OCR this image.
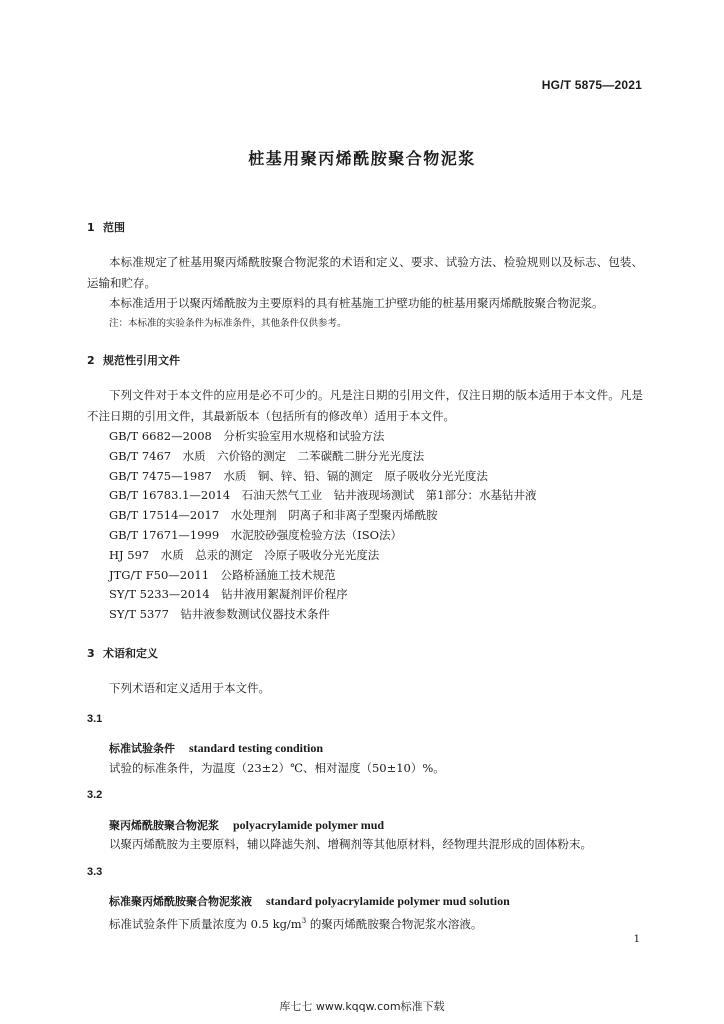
HG/T 5875—2021
桩基用聚丙烯酰胺聚合物泥浆
1 范围
本标准规定了桩基用聚丙烯酰胺聚合物泥浆的术语和定义、要求、试验方法、检验规则以及标志、包装、运输和贮存。
本标准适用于以聚丙烯酰胺为主要原料的具有桩基施工护壁功能的桩基用聚丙烯酰胺聚合物泥浆。
注：本标准的实验条件为标准条件，其他条件仅供参考。
2 规范性引用文件
下列文件对于本文件的应用是必不可少的。凡是注日期的引用文件，仅注日期的版本适用于本文件。凡是不注日期的引用文件，其最新版本（包括所有的修改单）适用于本文件。
GB/T 6682—2008　分析实验室用水规格和试验方法
GB/T 7467　水质　六价铬的测定　二苯碳酰二肼分光光度法
GB/T 7475—1987　水质　铜、锌、铅、镉的测定　原子吸收分光光度法
GB/T 16783.1—2014　石油天然气工业　钻井液现场测试　第1部分：水基钻井液
GB/T 17514—2017　水处理剂　阴离子和非离子型聚丙烯酰胺
GB/T 17671—1999　水泥胶砂强度检验方法（ISO法）
HJ 597　水质　总汞的测定　冷原子吸收分光光度法
JTG/T F50—2011　公路桥涵施工技术规范
SY/T 5233—2014　钻井液用絮凝剂评价程序
SY/T 5377　钻井液参数测试仪器技术条件
3 术语和定义
下列术语和定义适用于本文件。
3.1
标准试验条件 standard testing condition
试验的标准条件，为温度（23±2）℃、相对湿度（50±10）%。
3.2
聚丙烯酰胺聚合物泥浆 polyacrylamide polymer mud
以聚丙烯酰胺为主要原料，辅以降滤失剂、增稠剂等其他原材料，经物理共混形成的固体粉末。
3.3
标准聚丙烯酰胺聚合物泥浆液 standard polyacrylamide polymer mud solution
标准试验条件下质量浓度为 0.5 $kg/m^3$ 的聚丙烯酰胺聚合物泥浆水溶液。
1
库七七 www.kqqw.com标准下载
